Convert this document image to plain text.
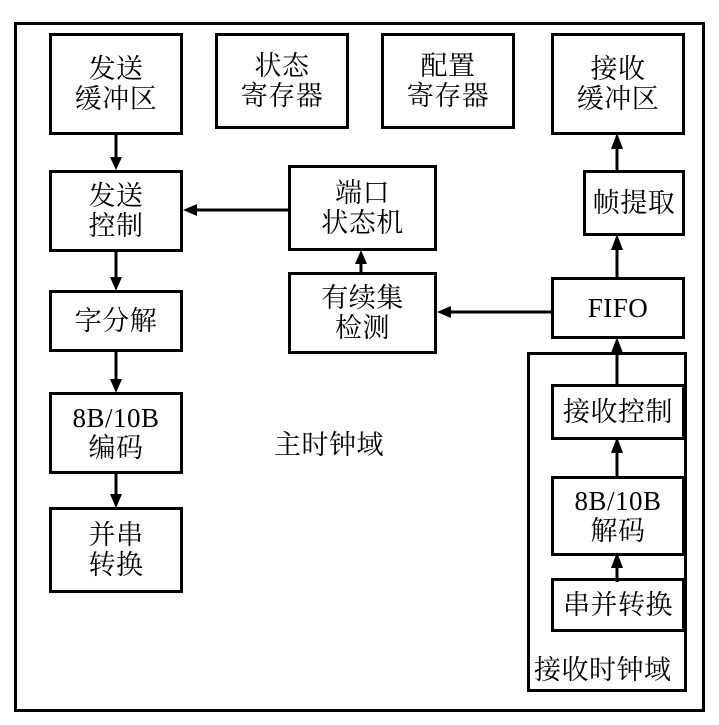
发送
缓冲区
状态
寄存器
配置
寄存器
接收
缓冲区
发送
控制
端口
状态机
帧提取
字分解
有续集
检测
FIFO
8B/10B
编码
接收控制
并串
转换
8B/10B
解码
串并转换
主时钟域
接收时钟域
